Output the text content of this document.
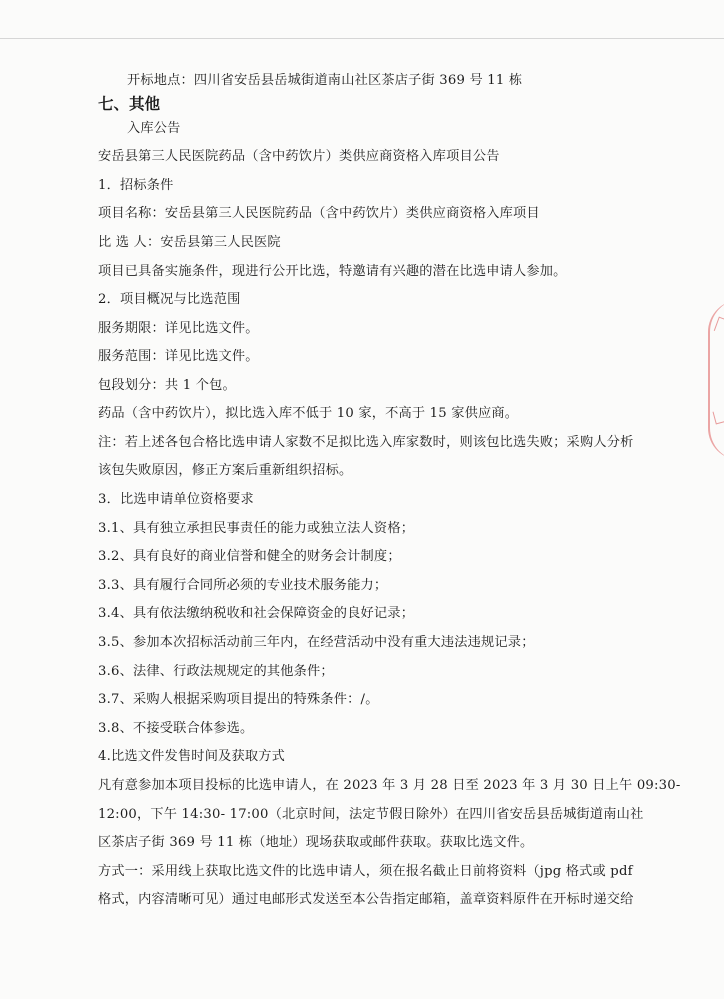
开标地点：四川省安岳县岳城街道南山社区茶店子街 369 号 11 栋
七、其他
入库公告
安岳县第三人民医院药品（含中药饮片）类供应商资格入库项目公告
1．招标条件
项目名称：安岳县第三人民医院药品（含中药饮片）类供应商资格入库项目
比 选 人：安岳县第三人民医院
项目已具备实施条件，现进行公开比选，特邀请有兴趣的潜在比选申请人参加。
2．项目概况与比选范围
服务期限：详见比选文件。
服务范围：详见比选文件。
包段划分：共 1 个包。
药品（含中药饮片），拟比选入库不低于 10 家，不高于 15 家供应商。
注：若上述各包合格比选申请人家数不足拟比选入库家数时，则该包比选失败；采购人分析
该包失败原因，修正方案后重新组织招标。
3．比选申请单位资格要求
3.1、具有独立承担民事责任的能力或独立法人资格；
3.2、具有良好的商业信誉和健全的财务会计制度；
3.3、具有履行合同所必须的专业技术服务能力；
3.4、具有依法缴纳税收和社会保障资金的良好记录；
3.5、参加本次招标活动前三年内，在经营活动中没有重大违法违规记录；
3.6、法律、行政法规规定的其他条件；
3.7、采购人根据采购项目提出的特殊条件：/。
3.8、不接受联合体参选。
4.比选文件发售时间及获取方式
凡有意参加本项目投标的比选申请人，在 2023 年 3 月 28 日至 2023 年 3 月 30 日上午 09:30-
12:00，下午 14:30- 17:00（北京时间，法定节假日除外）在四川省安岳县岳城街道南山社
区茶店子街 369 号 11 栋（地址）现场获取或邮件获取。获取比选文件。
方式一：采用线上获取比选文件的比选申请人，须在报名截止日前将资料（jpg 格式或 pdf
格式，内容清晰可见）通过电邮形式发送至本公告指定邮箱，盖章资料原件在开标时递交给
